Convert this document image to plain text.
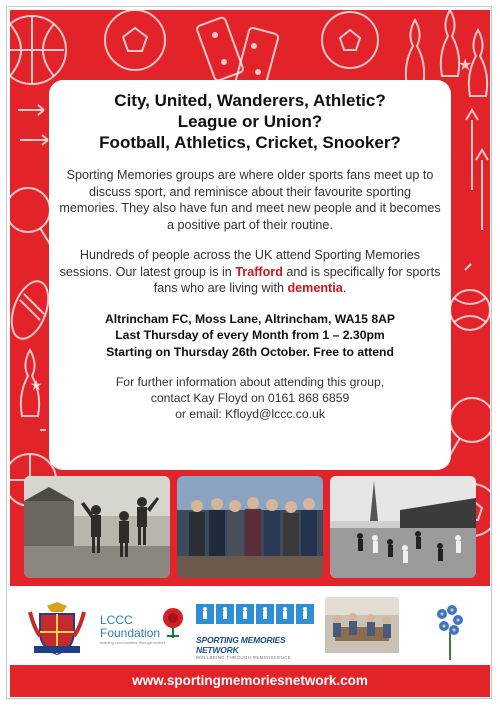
★
★
City, United, Wanderers, Athletic?
League or Union?
Football, Athletics, Cricket, Snooker?

Sporting Memories groups are where older sports fans meet up to discuss sport, and reminisce about their favourite sporting memories. They also have fun and meet new people and it becomes a positive part of their routine.

Hundreds of people across the UK attend Sporting Memories sessions. Our latest group is in Trafford and is specifically for sports fans who are living with dementia.

Altrincham FC, Moss Lane, Altrincham, WA15 8AP
Last Thursday of every Month from 1 – 2.30pm
Starting on Thursday 26th October. Free to attend
For further information about attending this group,
contact Kay Floyd on 0161 868 6859
or email: Kfloyd@lccc.co.uk
LCCC
Foundation
building communities through cricket	SPORTING MEMORIES NETWORK
WELLBEING THROUGH REMINISCENCE
www.sportingmemoriesnetwork.com
